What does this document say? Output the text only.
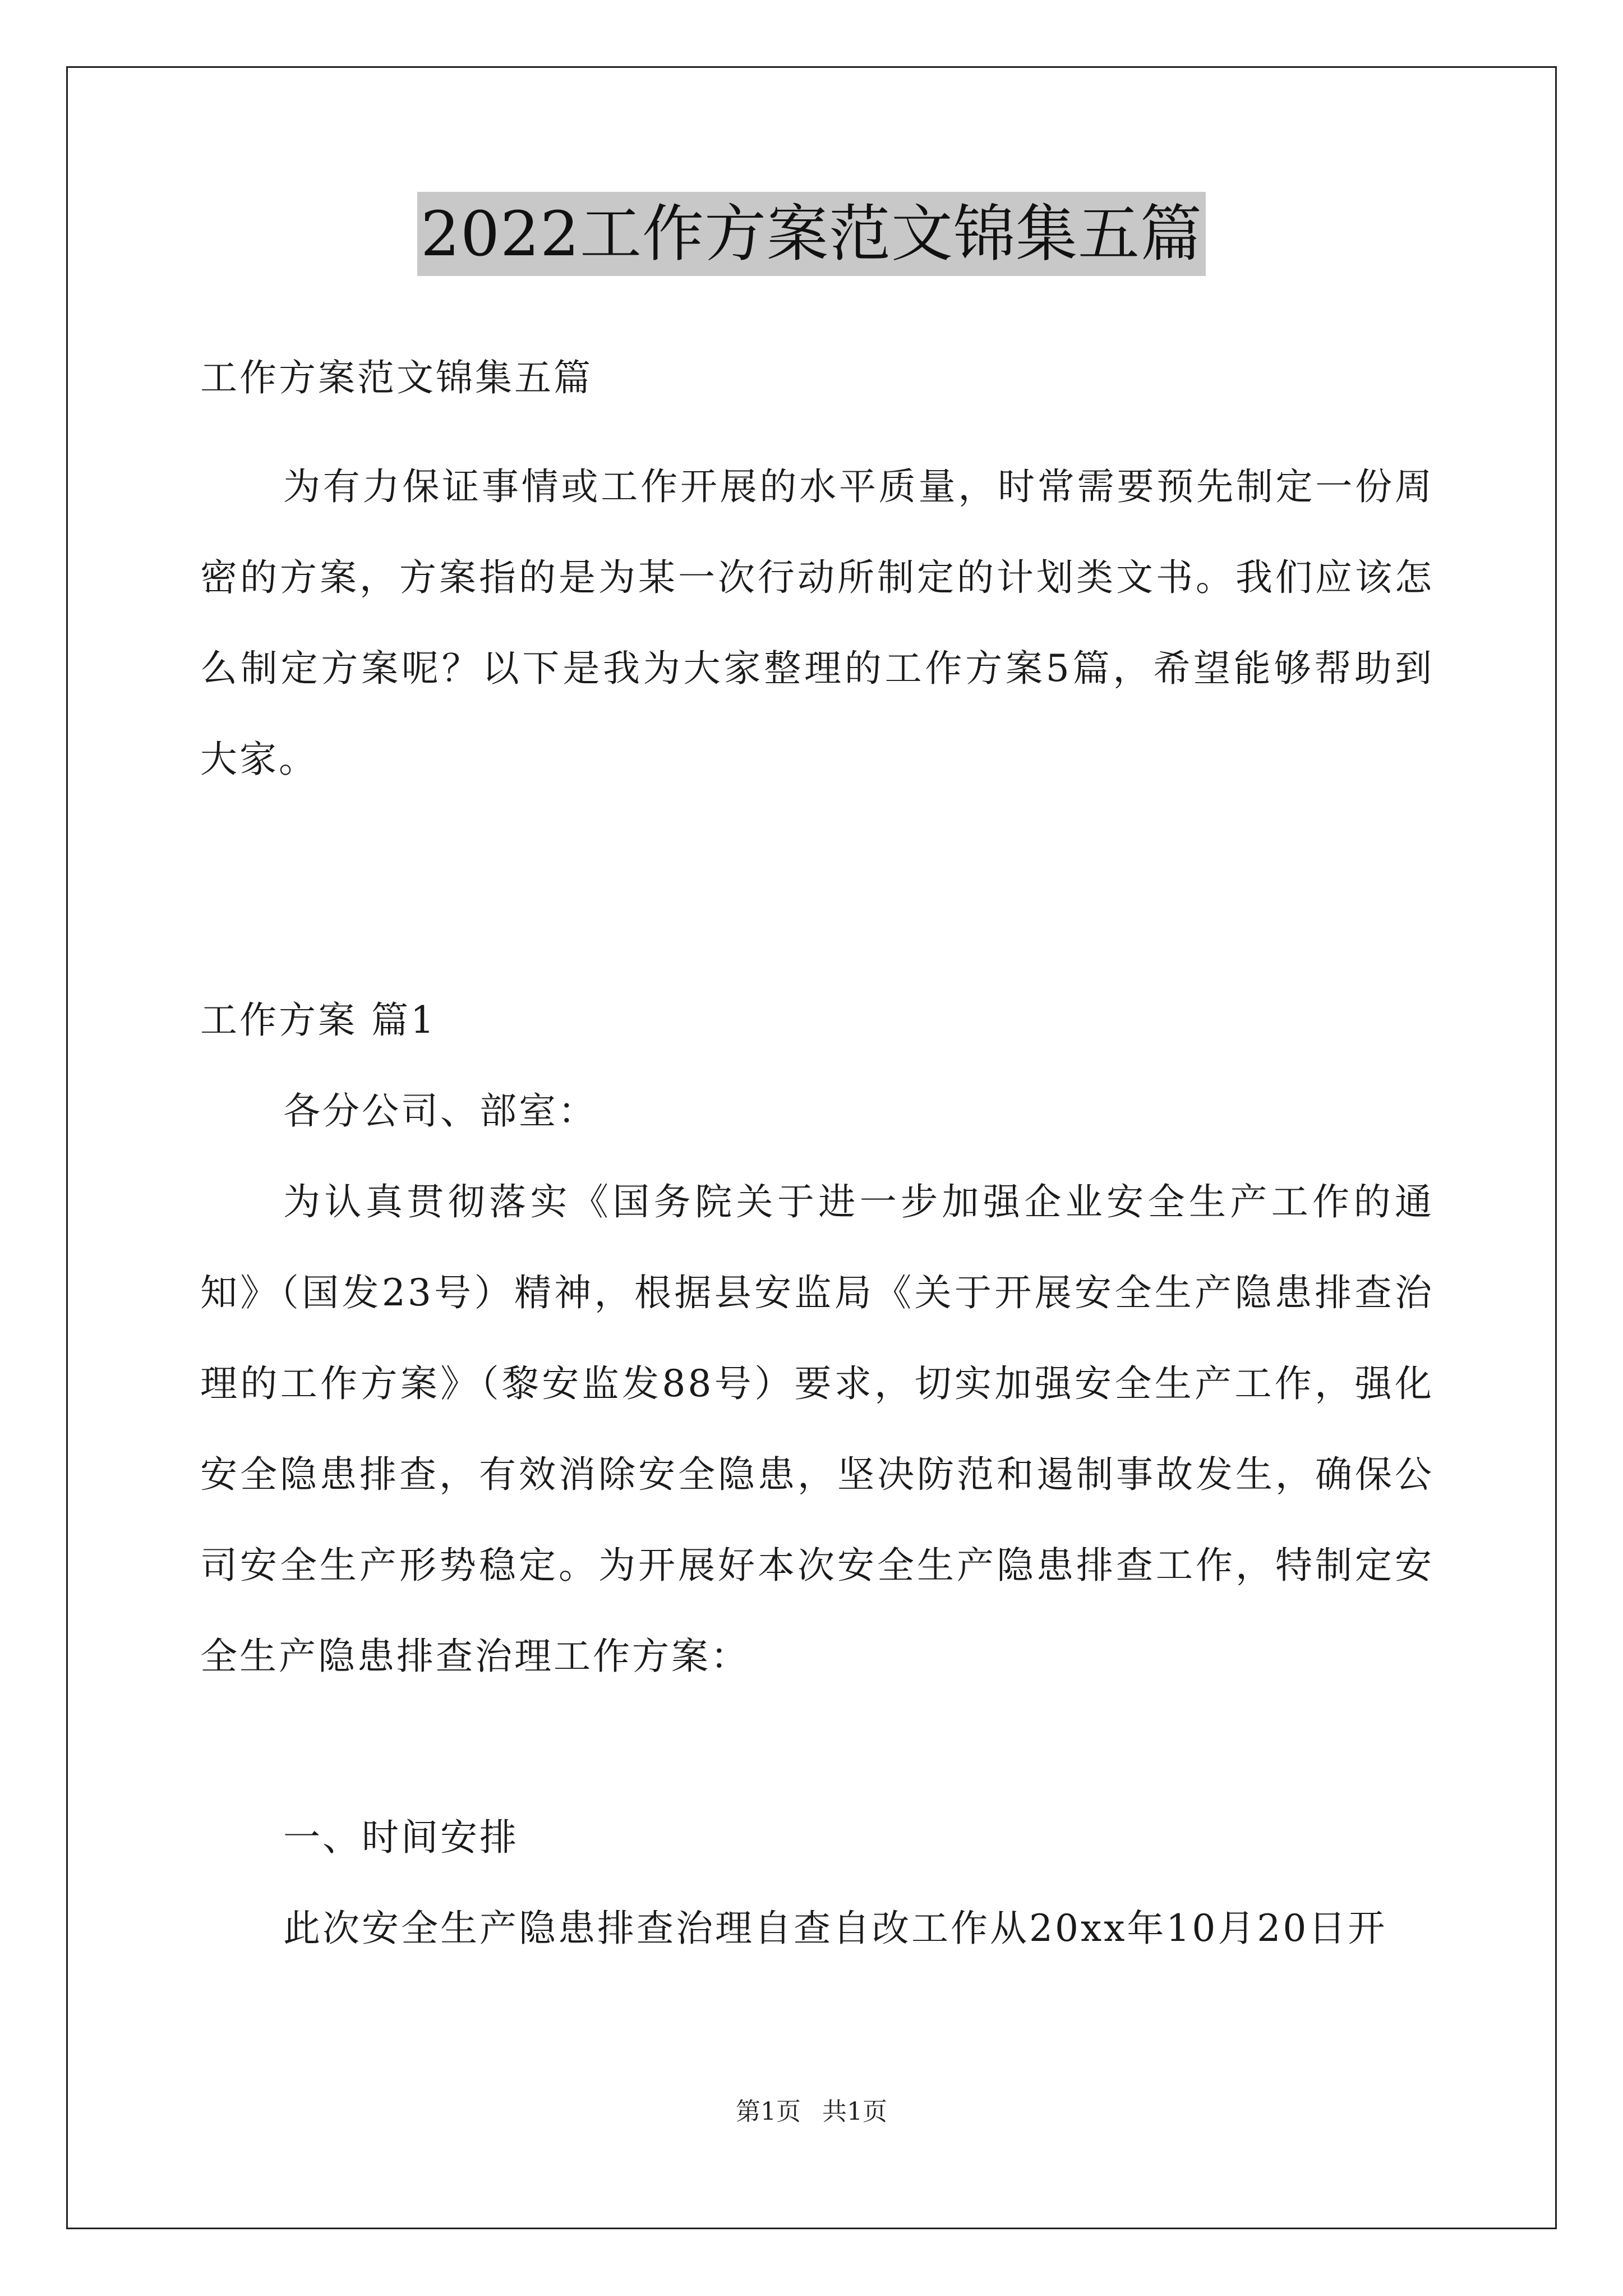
2022工作方案范文锦集五篇
工作方案范文锦集五篇
为有力保证事情或工作开展的水平质量，时常需要预先制定一份周密的方案，方案指的是为某一次行动所制定的计划类文书。我们应该怎么制定方案呢？以下是我为大家整理的工作方案5篇，希望能够帮助到大家。
工作方案 篇1
各分公司、部室：
为认真贯彻落实《国务院关于进一步加强企业安全生产工作的通知》（国发23号）精神，根据县安监局《关于开展安全生产隐患排查治理的工作方案》（黎安监发88号）要求，切实加强安全生产工作，强化安全隐患排查，有效消除安全隐患，坚决防范和遏制事故发生，确保公司安全生产形势稳定。为开展好本次安全生产隐患排查工作，特制定安全生产隐患排查治理工作方案：
一、时间安排
此次安全生产隐患排查治理自查自改工作从20xx年10月20日开
第1页 共1页
